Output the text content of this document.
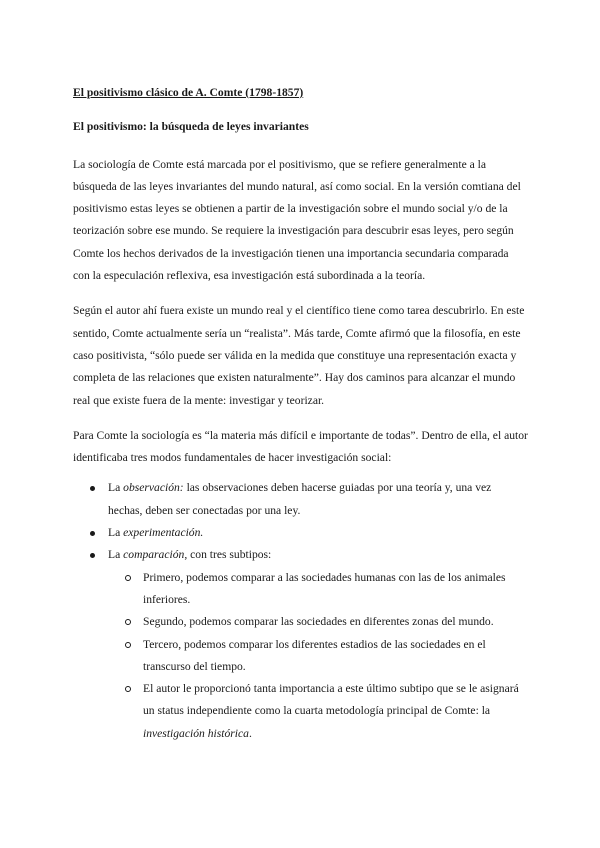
El positivismo clásico de A. Comte (1798-1857)
El positivismo: la búsqueda de leyes invariantes

La sociología de Comte está marcada por el positivismo, que se refiere generalmente a la búsqueda de las leyes invariantes del mundo natural, así como social. En la versión comtiana del positivismo estas leyes se obtienen a partir de la investigación sobre el mundo social y/o de la teorización sobre ese mundo. Se requiere la investigación para descubrir esas leyes, pero según Comte los hechos derivados de la investigación tienen una importancia secundaria comparada con la especulación reflexiva, esa investigación está subordinada a la teoría.

Según el autor ahí fuera existe un mundo real y el científico tiene como tarea descubrirlo. En este sentido, Comte actualmente sería un “realista”. Más tarde, Comte afirmó que la filosofía, en este caso positivista, “sólo puede ser válida en la medida que constituye una representación exacta y completa de las relaciones que existen naturalmente”. Hay dos caminos para alcanzar el mundo real que existe fuera de la mente: investigar y teorizar.

Para Comte la sociología es “la materia más difícil e importante de todas”. Dentro de ella, el autor identificaba tres modos fundamentales de hacer investigación social:

La observación: las observaciones deben hacerse guiadas por una teoría y, una vez hechas, deben ser conectadas por una ley.
La experimentación.
La comparación, con tres subtipos:
Primero, podemos comparar a las sociedades humanas con las de los animales inferiores.
Segundo, podemos comparar las sociedades en diferentes zonas del mundo.
Tercero, podemos comparar los diferentes estadios de las sociedades en el transcurso del tiempo.
El autor le proporcionó tanta importancia a este último subtipo que se le asignará un status independiente como la cuarta metodología principal de Comte: la investigación histórica.
